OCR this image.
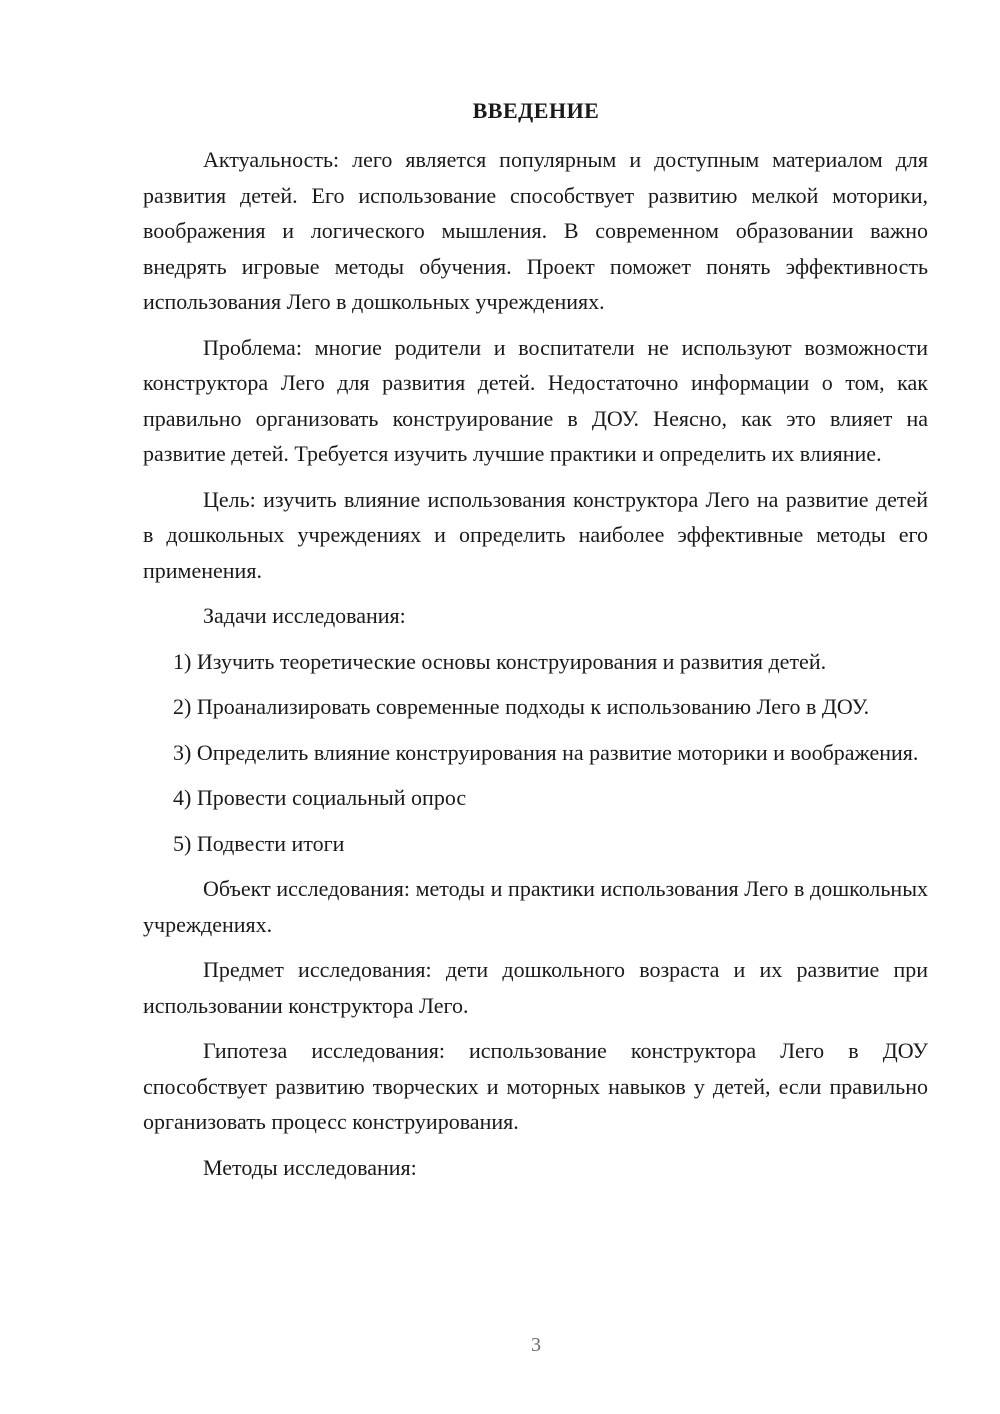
ВВЕДЕНИЕ

Актуальность: лего является популярным и доступным материалом для развития детей. Его использование способствует развитию мелкой моторики, воображения и логического мышления. В современном образовании важно внедрять игровые методы обучения. Проект поможет понять эффективность использования Лего в дошкольных учреждениях.

Проблема: многие родители и воспитатели не используют возможности конструктора Лего для развития детей. Недостаточно информации о том, как правильно организовать конструирование в ДОУ. Неясно, как это влияет на развитие детей. Требуется изучить лучшие практики и определить их влияние.

Цель: изучить влияние использования конструктора Лего на развитие детей в дошкольных учреждениях и определить наиболее эффективные методы его применения.

Задачи исследования:

1) Изучить теоретические основы конструирования и развития детей.

2) Проанализировать современные подходы к использованию Лего в ДОУ.

3) Определить влияние конструирования на развитие моторики и воображения.

4) Провести социальный опрос

5) Подвести итоги

Объект исследования: методы и практики использования Лего в дошкольных учреждениях.

Предмет исследования: дети дошкольного возраста и их развитие при использовании конструктора Лего.

Гипотеза исследования: использование конструктора Лего в ДОУ способствует развитию творческих и моторных навыков у детей, если правильно организовать процесс конструирования.

Методы исследования:

3
